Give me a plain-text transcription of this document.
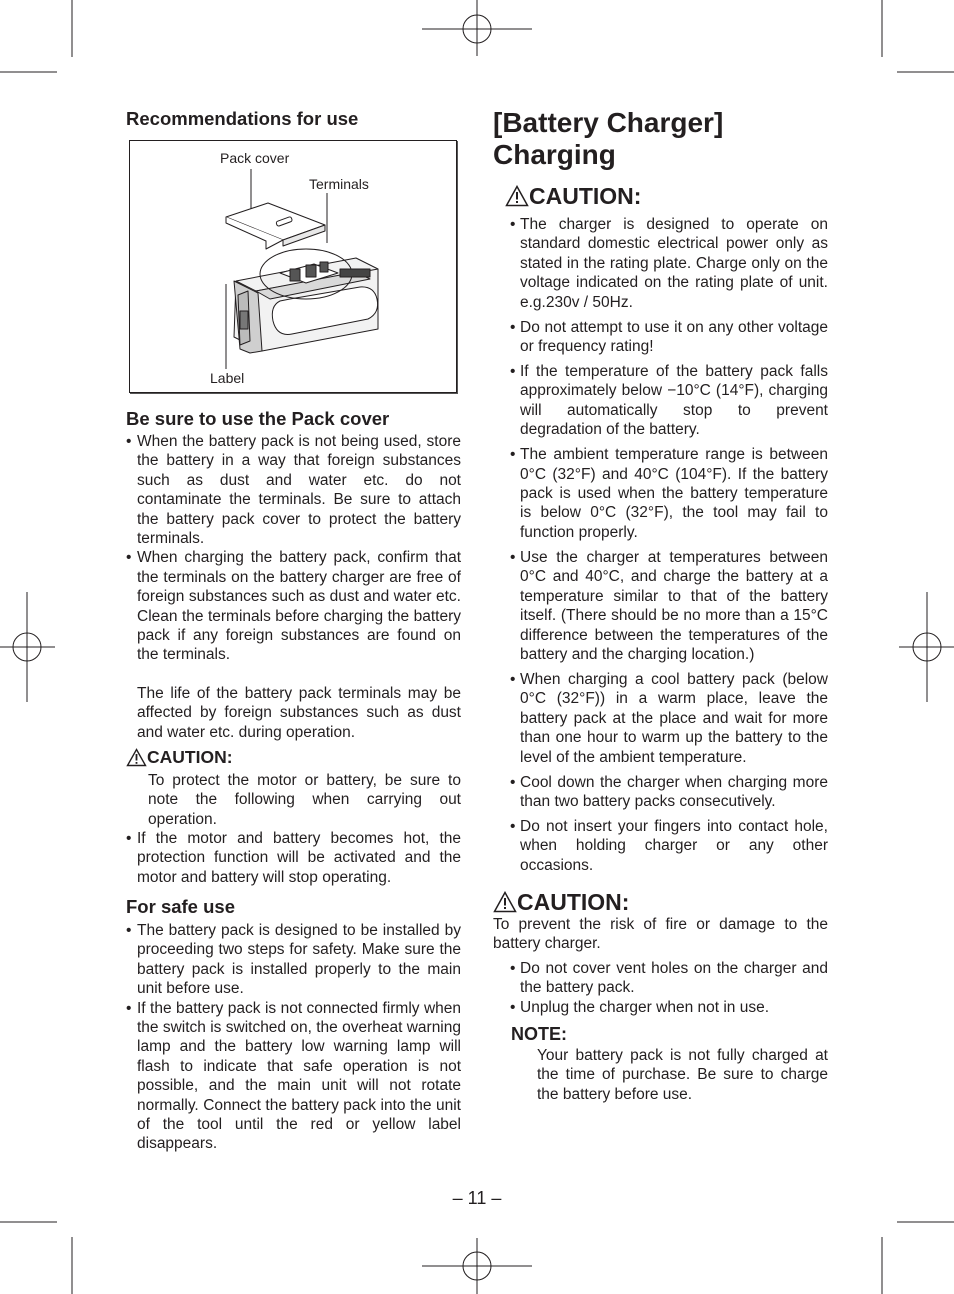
Recommendations for use
Pack cover
Terminals
Label
Be sure to use the Pack cover
• When the battery pack is not being used, store the battery in a way that foreign substances such as dust and water etc. do not contaminate the terminals. Be sure to attach the battery pack cover to protect the battery terminals.
• When charging the battery pack, confirm that the terminals on the battery charger are free of foreign substances such as dust and water etc. Clean the terminals before charging the battery pack if any foreign substances are found on the terminals.

The life of the battery pack terminals may be affected by foreign substances such as dust and water etc. during operation.

CAUTION:

To protect the motor or battery, be sure to note the following when carrying out operation.

• If the motor and battery becomes hot, the protection function will be activated and the motor and battery will stop operating.
For safe use
• The battery pack is designed to be installed by proceeding two steps for safety. Make sure the battery pack is installed properly to the main unit before use.
• If the battery pack is not connected firmly when the switch is switched on, the overheat warning lamp and the battery low warning lamp will flash to indicate that safe operation is not possible, and the main unit will not rotate normally. Connect the battery pack into the unit of the tool until the red or yellow label disappears.
[Battery Charger]
Charging
CAUTION:
• The charger is designed to operate on standard domestic electrical power only as stated in the rating plate. Charge only on the voltage indicated on the rating plate of unit. e.g.230v / 50Hz.
• Do not attempt to use it on any other voltage or frequency rating!
• If the temperature of the battery pack falls approximately below −10°C (14°F), charging will automatically stop to prevent degradation of the battery.
• The ambient temperature range is between 0°C (32°F) and 40°C (104°F). If the battery pack is used when the battery temperature is below 0°C (32°F), the tool may fail to function properly.
• Use the charger at temperatures between 0°C and 40°C, and charge the battery at a temperature similar to that of the battery itself. (There should be no more than a 15°C difference between the temperatures of the battery and the charging location.)
• When charging a cool battery pack (below 0°C (32°F)) in a warm place, leave the battery pack at the place and wait for more than one hour to warm up the battery to the level of the ambient temperature.
• Cool down the charger when charging more than two battery packs consecutively.
• Do not insert your fingers into contact hole, when holding charger or any other occasions.
CAUTION:

To prevent the risk of fire or damage to the battery charger.

• Do not cover vent holes on the charger and the battery pack.
• Unplug the charger when not in use.
NOTE:

Your battery pack is not fully charged at the time of purchase. Be sure to charge the battery before use.

– 11 –
